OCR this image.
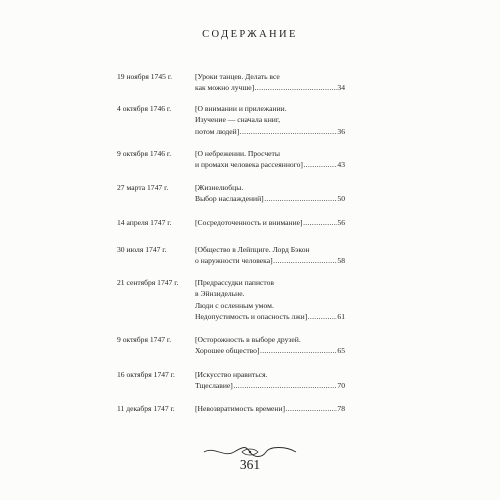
СОДЕРЖАНИЕ
19 ноября 1745 г.	[Уроки танцев. Делать все
как можно лучше] .....	34
4 октября 1746 г.	[О внимании и прилежании.
Изучение — сначала книг,
потом людей] .....	36
9 октября 1746 г.	[О небрежении. Просчеты
и промахи человека рассеянного] .....	43
27 марта 1747 г.	[Жизнелюбцы.
Выбор наслаждений] .....	50
14 апреля 1747 г.	[Сосредоточенность и внимание] .....	56
30 июля 1747 г.	[Общество в Лейпциге. Лорд Бэкон
о наружности человека] .....	58
21 сентября 1747 г.	[Предрассудки папистов
в Эйнзидельне.
Люди с осленным умом.
Недопустимость и опасность лжи] .....	61
9 октября 1747 г.	[Осторожность в выборе друзей.
Хорошее общество] .....	65
16 октября 1747 г.	[Искусство нравиться.
Тщеславие] .....	70
11 декабря 1747 г.	[Невозвратимость времени] .....	78
361
